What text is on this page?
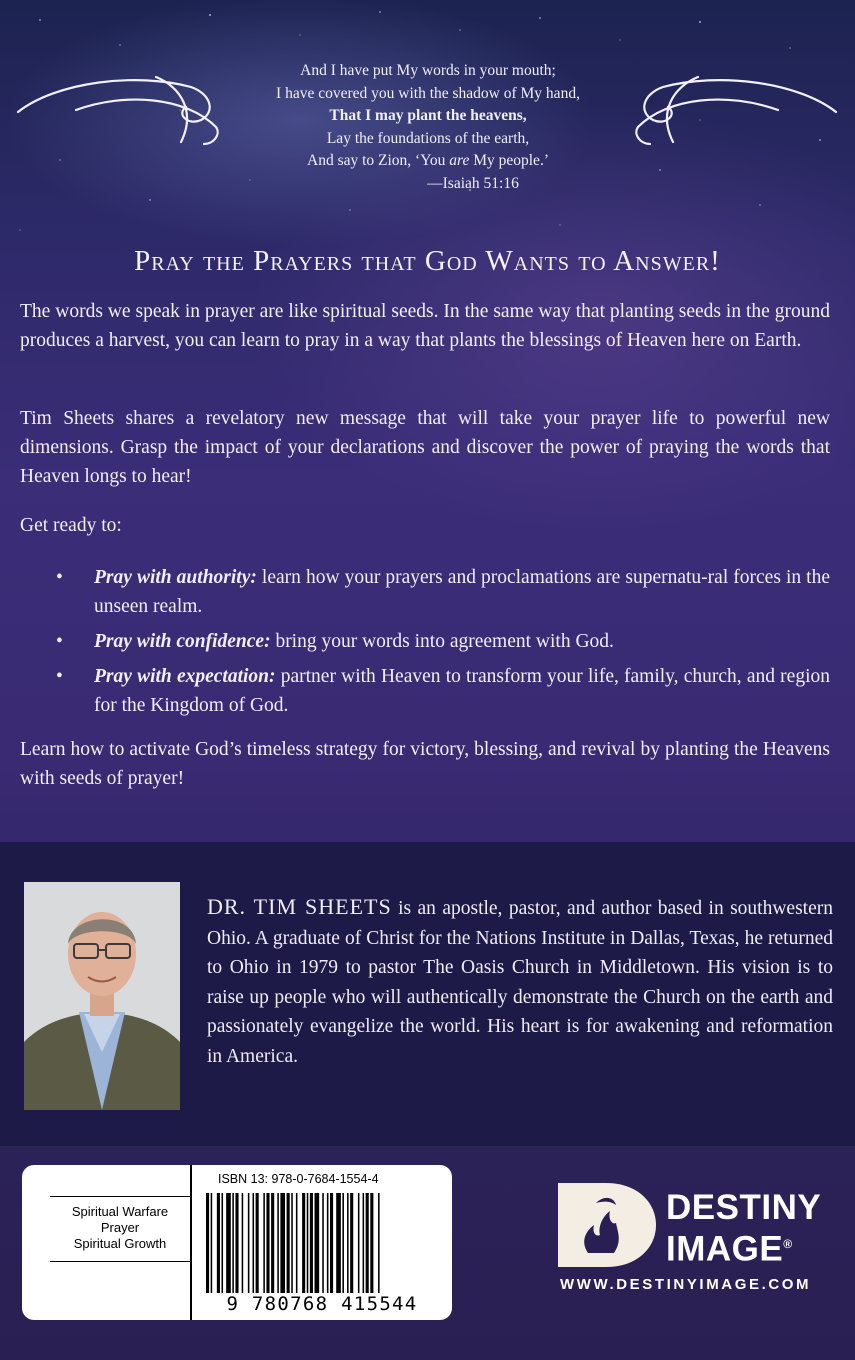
And I have put My words in your mouth;
I have covered you with the shadow of My hand,
That I may plant the heavens,
Lay the foundations of the earth,
And say to Zion, ‘You are My people.’
—Isaiah 51:16
Pray the Prayers that God Wants to Answer!
The words we speak in prayer are like spiritual seeds. In the same way that planting seeds in the ground produces a harvest, you can learn to pray in a way that plants the blessings of Heaven here on Earth.
Tim Sheets shares a revelatory new message that will take your prayer life to powerful new dimensions. Grasp the impact of your declarations and discover the power of praying the words that Heaven longs to hear!
Get ready to:
• Pray with authority: learn how your prayers and proclamations are supernatu-ral forces in the unseen realm.
• Pray with confidence: bring your words into agreement with God.
• Pray with expectation: partner with Heaven to transform your life, family, church, and region for the Kingdom of God.
Learn how to activate God’s timeless strategy for victory, blessing, and revival by planting the Heavens with seeds of prayer!
DR. TIM SHEETS is an apostle, pastor, and author based in southwestern Ohio. A graduate of Christ for the Nations Institute in Dallas, Texas, he returned to Ohio in 1979 to pastor The Oasis Church in Middletown. His vision is to raise up people who will authentically demonstrate the Church on the earth and passionately evangelize the world. His heart is for awakening and reformation in America.
Spiritual Warfare
Prayer
Spiritual Growth
ISBN 13: 978-0-7684-1554-4
9 780768 415544
DESTINY
IMAGE®
WWW.DESTINYIMAGE.COM
